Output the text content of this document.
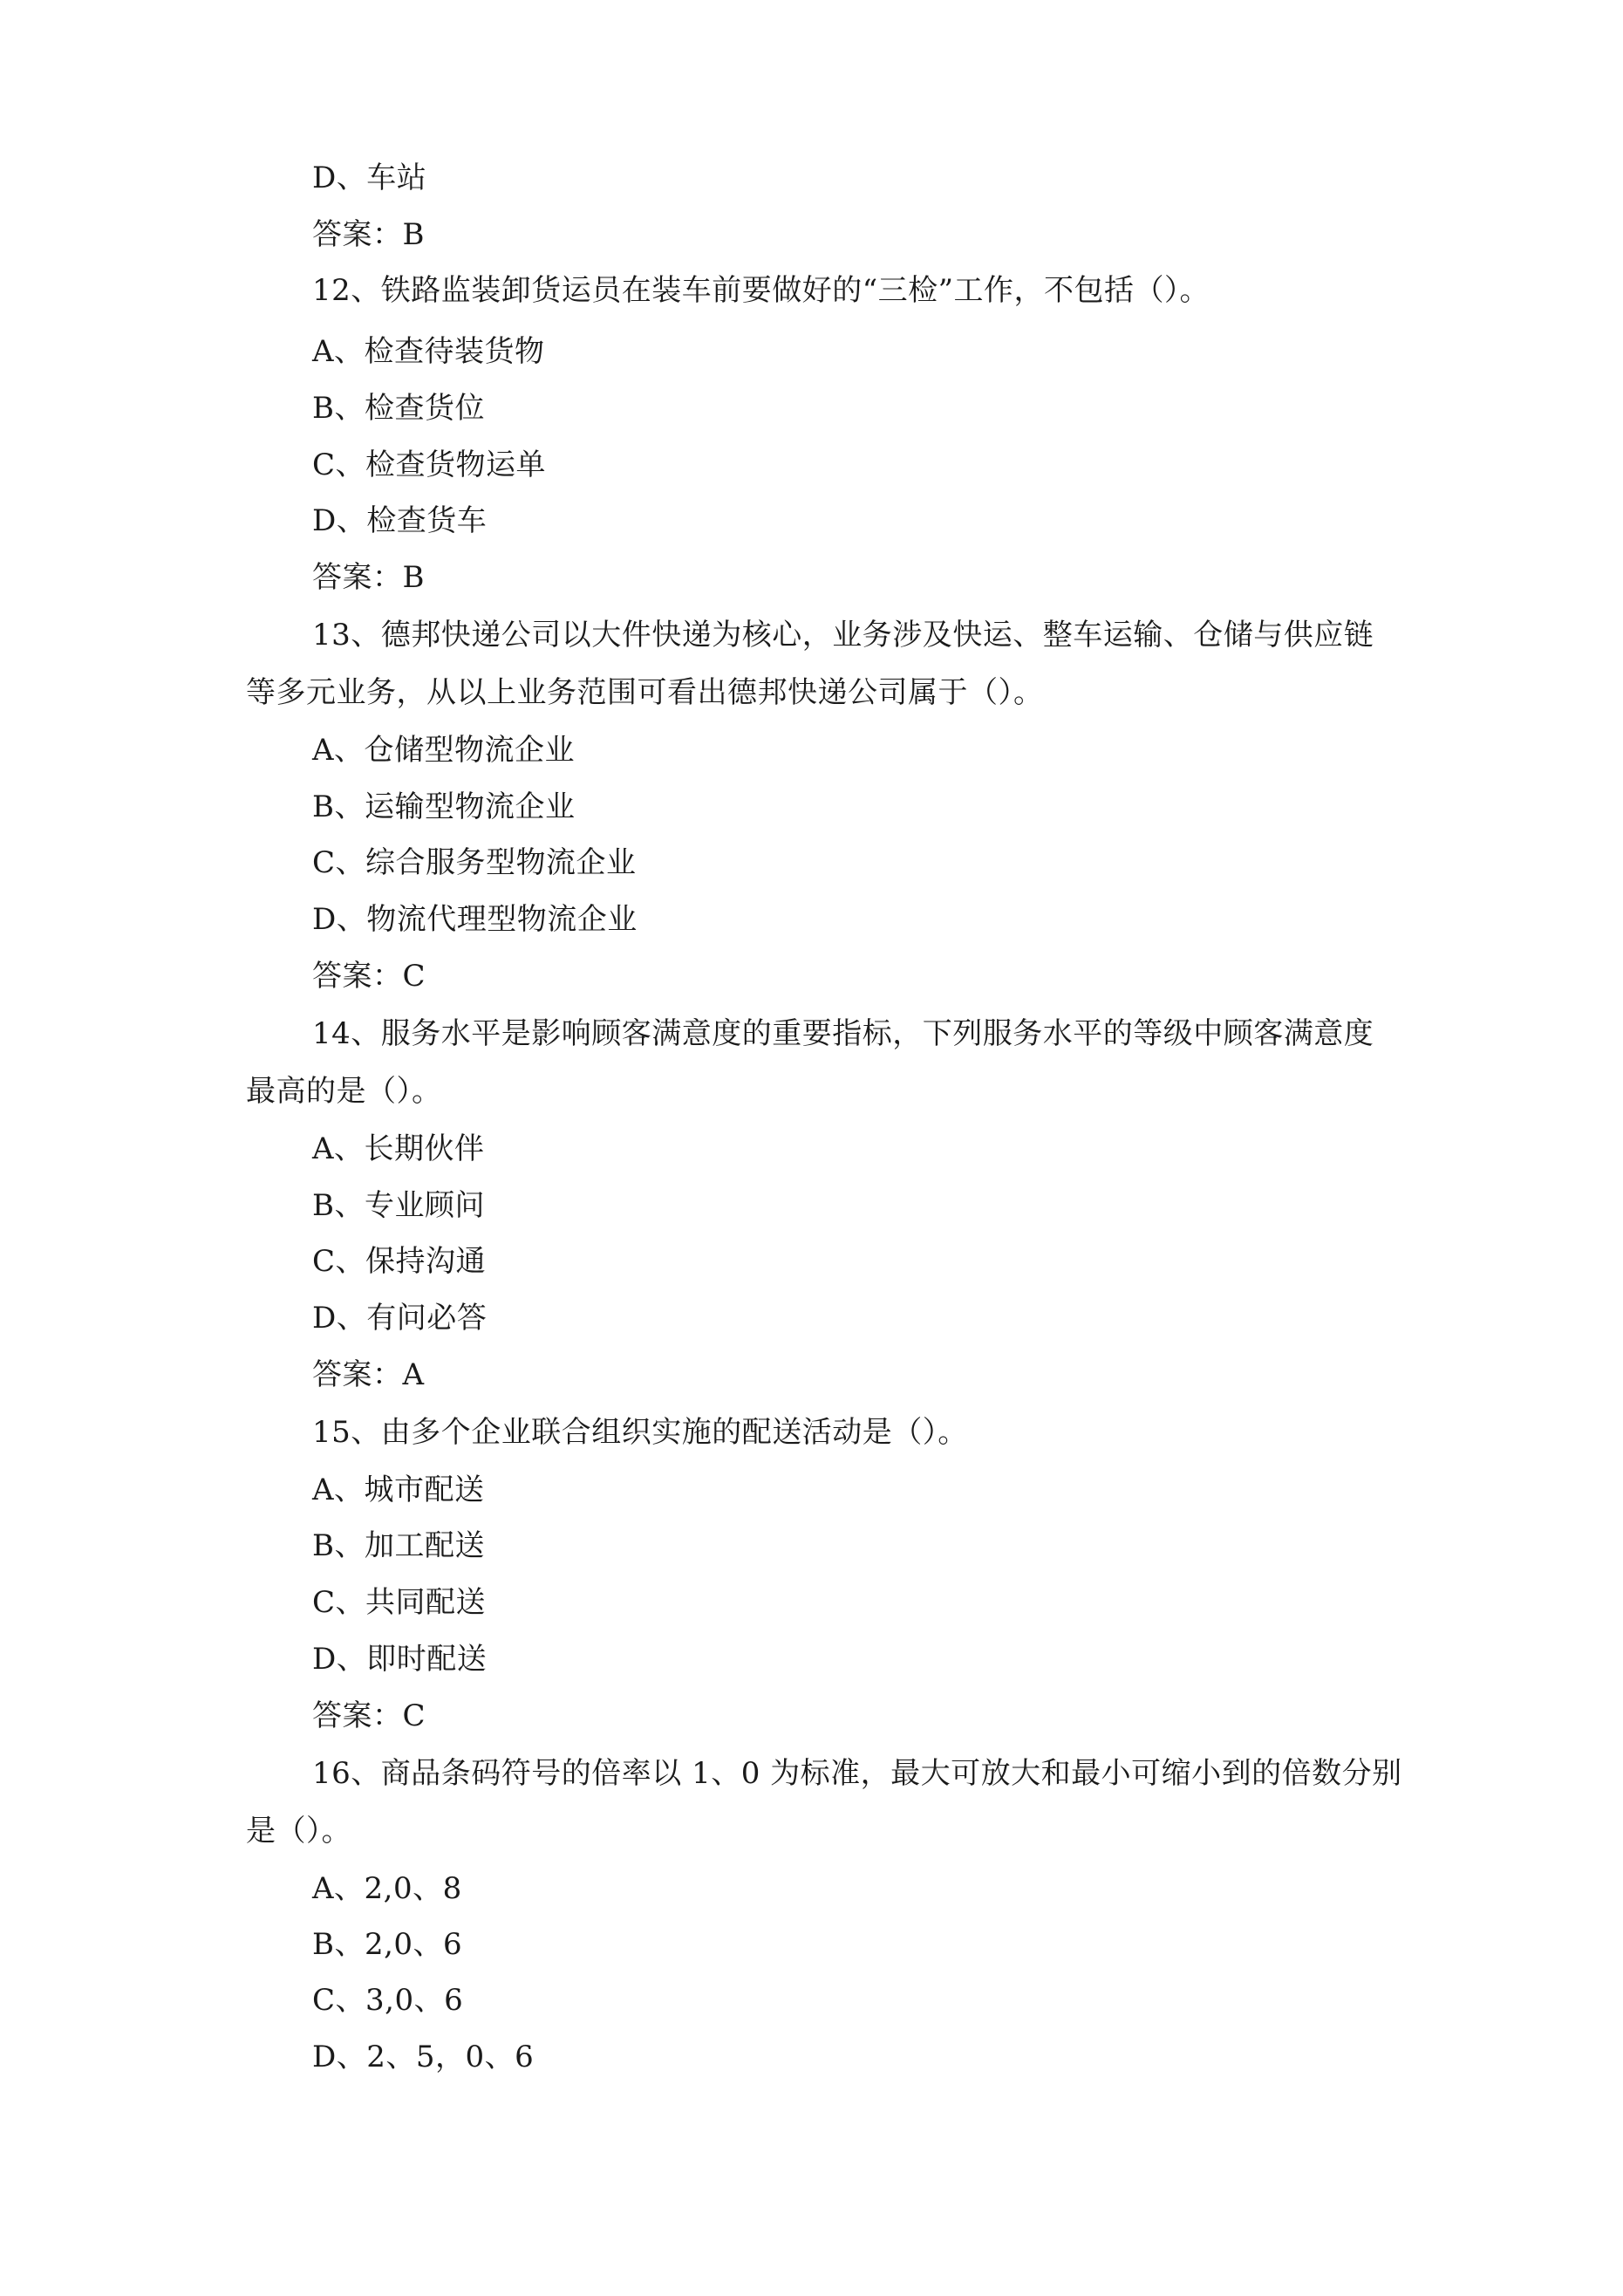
D、车站
答案：B
12、铁路监装卸货运员在装车前要做好的“三检”工作，不包括（）。
A、检查待装货物
B、检查货位
C、检查货物运单
D、检查货车
答案：B
13、德邦快递公司以大件快递为核心，业务涉及快运、整车运输、仓储与供应链
等多元业务，从以上业务范围可看出德邦快递公司属于（）。
A、仓储型物流企业
B、运输型物流企业
C、综合服务型物流企业
D、物流代理型物流企业
答案：C
14、服务水平是影响顾客满意度的重要指标，下列服务水平的等级中顾客满意度
最高的是（）。
A、长期伙伴
B、专业顾问
C、保持沟通
D、有问必答
答案：A
15、由多个企业联合组织实施的配送活动是（）。
A、城市配送
B、加工配送
C、共同配送
D、即时配送
答案：C
16、商品条码符号的倍率以 1、0 为标准，最大可放大和最小可缩小到的倍数分别
是（）。
A、2,0、8
B、2,0、6
C、3,0、6
D、2、5，0、6
